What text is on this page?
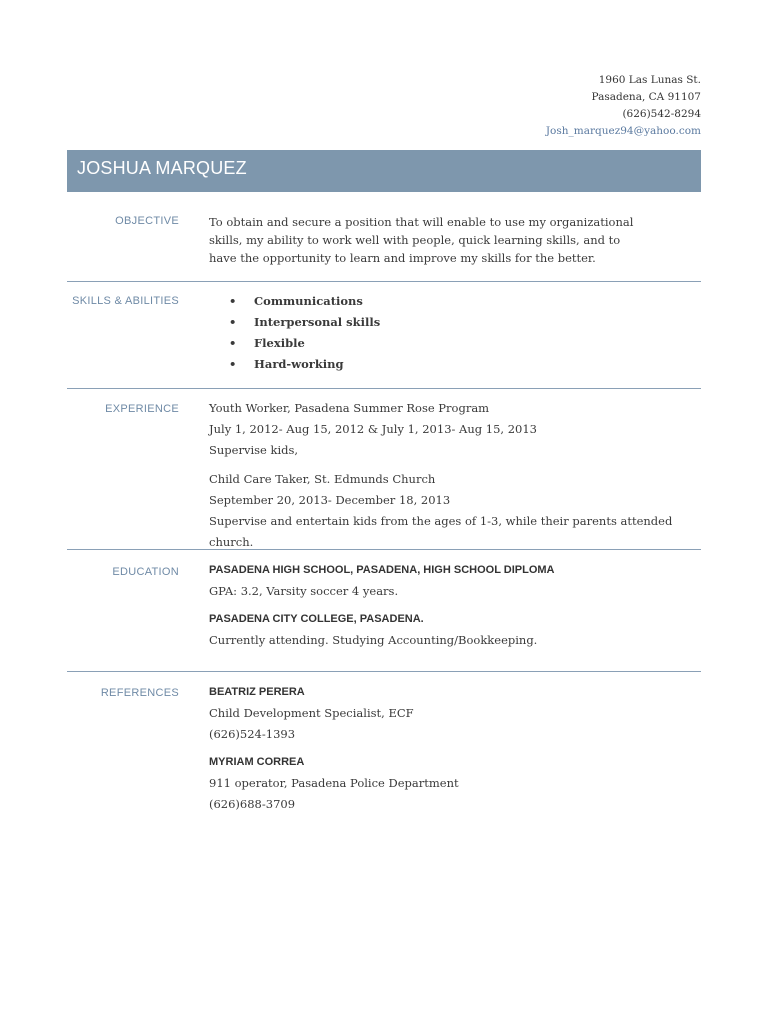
1960 Las Lunas St.
Pasadena, CA 91107
(626)542-8294
Josh_marquez94@yahoo.com
JOSHUA MARQUEZ
OBJECTIVE	To obtain and secure a position that will enable to use my organizational
skills, my ability to work well with people, quick learning skills, and to
have the opportunity to learn and improve my skills for the better.
SKILLS & ABILITIES	• Communications
• Interpersonal skills
• Flexible
• Hard-working
EXPERIENCE	Youth Worker, Pasadena Summer Rose Program
July 1, 2012- Aug 15, 2012 & July 1, 2013- Aug 15, 2013
Supervise kids,
Child Care Taker, St. Edmunds Church
September 20, 2013- December 18, 2013
Supervise and entertain kids from the ages of 1-3, while their parents attended church.
EDUCATION	PASADENA HIGH SCHOOL, PASADENA, HIGH SCHOOL DIPLOMA
GPA: 3.2, Varsity soccer 4 years.
PASADENA CITY COLLEGE, PASADENA.
Currently attending. Studying Accounting/Bookkeeping.
REFERENCES	BEATRIZ PERERA
Child Development Specialist, ECF
(626)524-1393
MYRIAM CORREA
911 operator, Pasadena Police Department
(626)688-3709
